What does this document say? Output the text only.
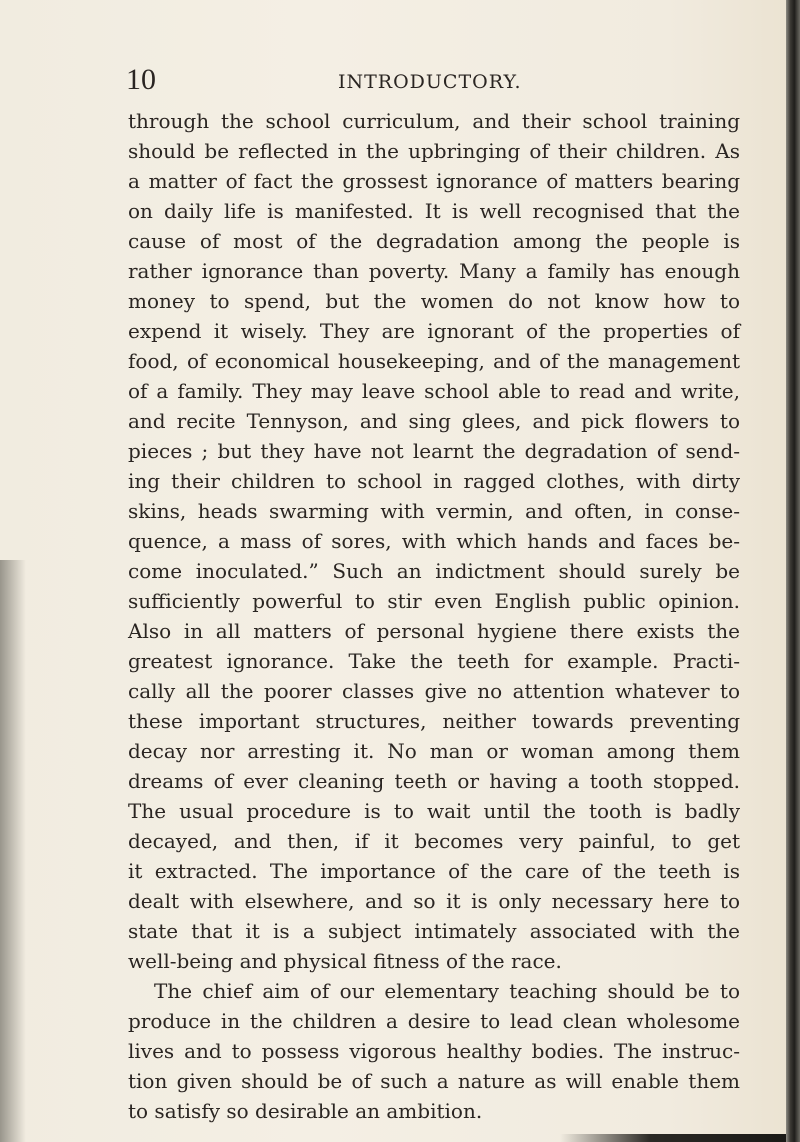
10	INTRODUCTORY.
through the school curriculum, and their school training
should be reflected in the upbringing of their children. As
a matter of fact the grossest ignorance of matters bearing
on daily life is manifested. It is well recognised that the
cause of most of the degradation among the people is
rather ignorance than poverty. Many a family has enough
money to spend, but the women do not know how to
expend it wisely. They are ignorant of the properties of
food, of economical housekeeping, and of the management
of a family. They may leave school able to read and write,
and recite Tennyson, and sing glees, and pick flowers to
pieces ; but they have not learnt the degradation of send-
ing their children to school in ragged clothes, with dirty
skins, heads swarming with vermin, and often, in conse-
quence, a mass of sores, with which hands and faces be-
come inoculated.” Such an indictment should surely be
sufficiently powerful to stir even English public opinion.
Also in all matters of personal hygiene there exists the
greatest ignorance. Take the teeth for example. Practi-
cally all the poorer classes give no attention whatever to
these important structures, neither towards preventing
decay nor arresting it. No man or woman among them
dreams of ever cleaning teeth or having a tooth stopped.
The usual procedure is to wait until the tooth is badly
decayed, and then, if it becomes very painful, to get
it extracted. The importance of the care of the teeth is
dealt with elsewhere, and so it is only necessary here to
state that it is a subject intimately associated with the
well-being and physical fitness of the race.
The chief aim of our elementary teaching should be to
produce in the children a desire to lead clean wholesome
lives and to possess vigorous healthy bodies. The instruc-
tion given should be of such a nature as will enable them
to satisfy so desirable an ambition.
